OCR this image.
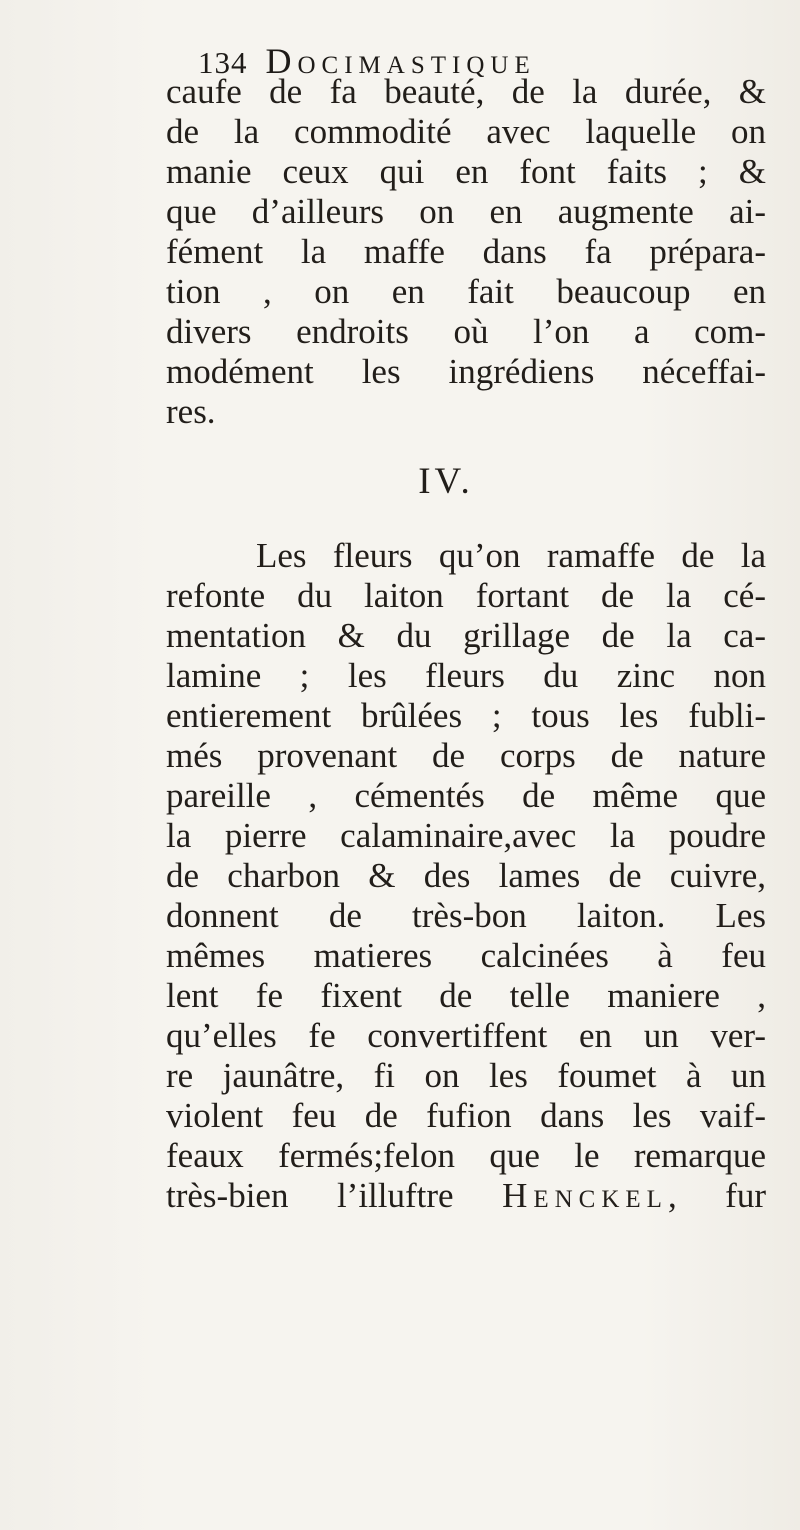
134 Docimastique
caufe de fa beauté, de la durée, &
de la commodité avec laquelle on
manie ceux qui en font faits ; &
que d’ailleurs on en augmente ai-
fément la maffe dans fa prépara-
tion , on en fait beaucoup en
divers endroits où l’on a com-
modément les ingrédiens néceffai-
res.
IV.
Les fleurs qu’on ramaffe de la
refonte du laiton fortant de la cé-
mentation & du grillage de la ca-
lamine ; les fleurs du zinc non
entierement brûlées ; tous les fubli-
més provenant de corps de nature
pareille , cémentés de même que
la pierre calaminaire,avec la poudre
de charbon & des lames de cuivre,
donnent de très-bon laiton. Les
mêmes matieres calcinées à feu
lent fe fixent de telle maniere ,
qu’elles fe convertiffent en un ver-
re jaunâtre, fi on les foumet à un
violent feu de fufion dans les vaif-
feaux fermés;felon que le remarque
très-bien l’illuftre Henckel, fur
